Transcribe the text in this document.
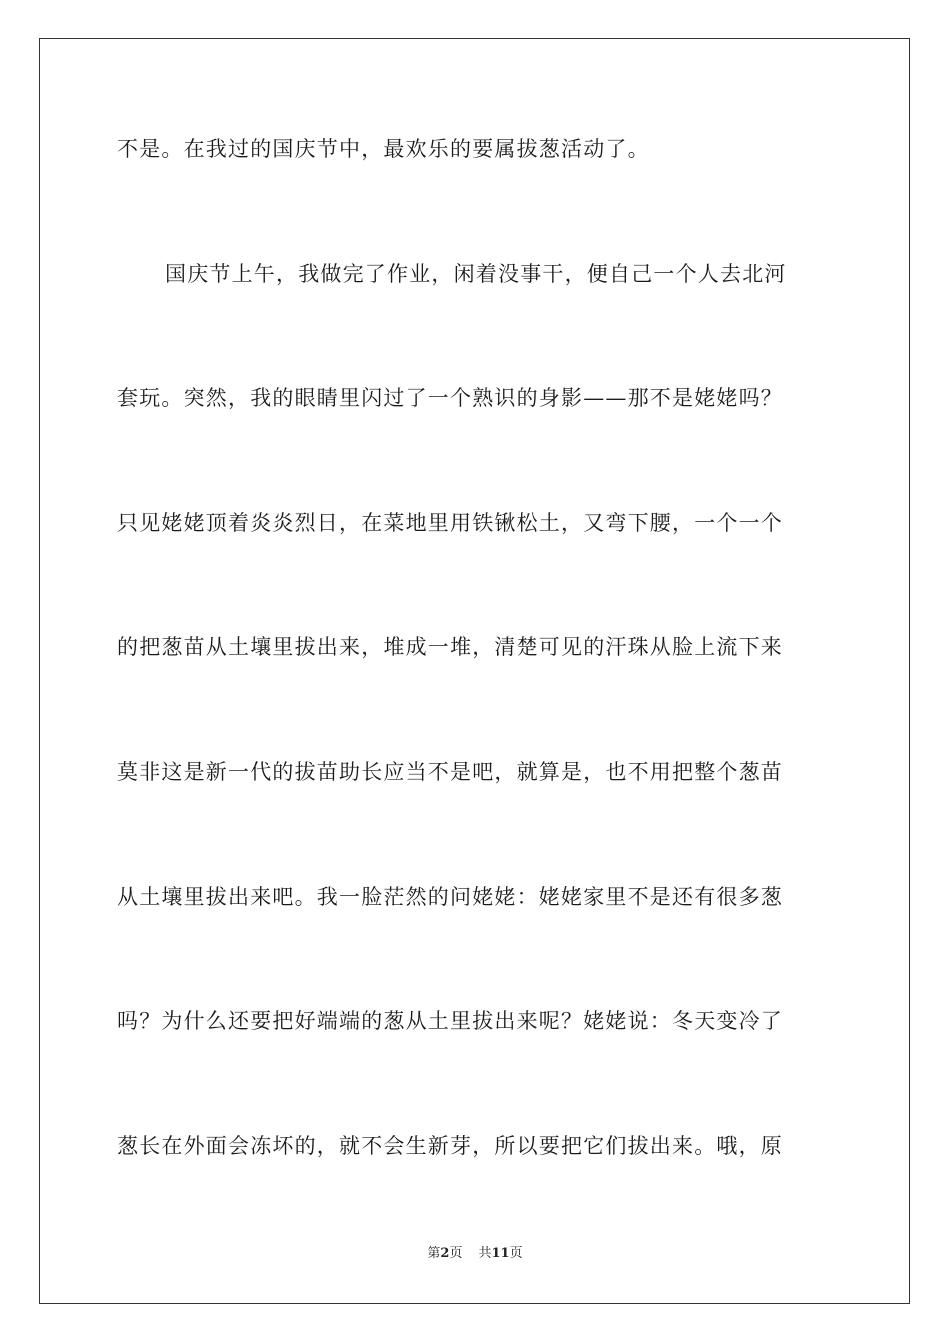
不是。在我过的国庆节中，最欢乐的要属拔葱活动了。
国庆节上午，我做完了作业，闲着没事干，便自己一个人去北河
套玩。突然，我的眼睛里闪过了一个熟识的身影——那不是姥姥吗？
只见姥姥顶着炎炎烈日，在菜地里用铁锹松土，又弯下腰，一个一个
的把葱苗从土壤里拔出来，堆成一堆，清楚可见的汗珠从脸上流下来
莫非这是新一代的拔苗助长应当不是吧，就算是，也不用把整个葱苗
从土壤里拔出来吧。我一脸茫然的问姥姥：姥姥家里不是还有很多葱
吗？为什么还要把好端端的葱从土里拔出来呢？姥姥说：冬天变冷了
葱长在外面会冻坏的，就不会生新芽，所以要把它们拔出来。哦，原
第2页 共11页
